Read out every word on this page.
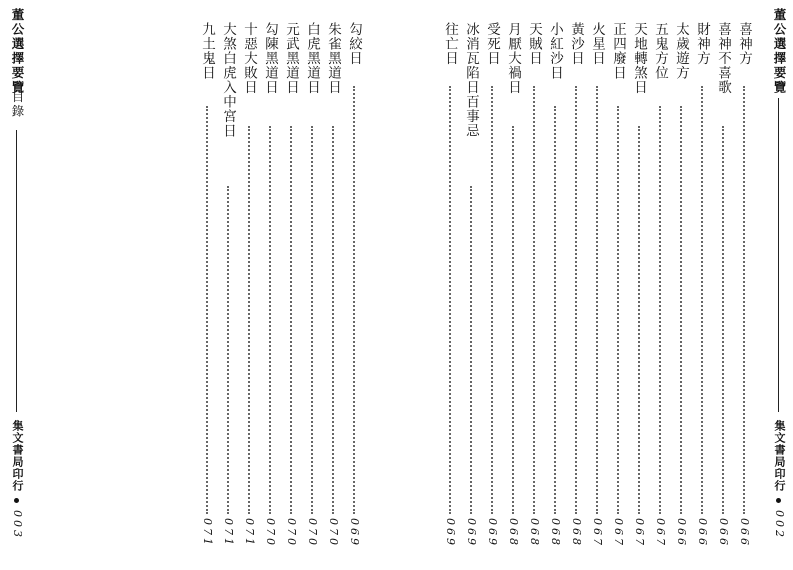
董公選擇要覽
目錄
集文書局印行
003
勾絞日
069
朱雀黑道日
070
白虎黑道日
070
元武黑道日
070
勾陳黑道日
070
十惡大敗日
071
大煞白虎入中宮日
071
九土鬼日
071
喜神方
066
喜神不喜歌
066
財神方
066
太歲遊方
066
五鬼方位
067
天地轉煞日
067
正四廢日
067
火星日
067
黃沙日
068
小紅沙日
068
天賊日
068
月厭大禍日
068
受死日
069
冰消瓦陷日百事忌
069
往亡日
069
董公選擇要覽
集文書局印行
002
